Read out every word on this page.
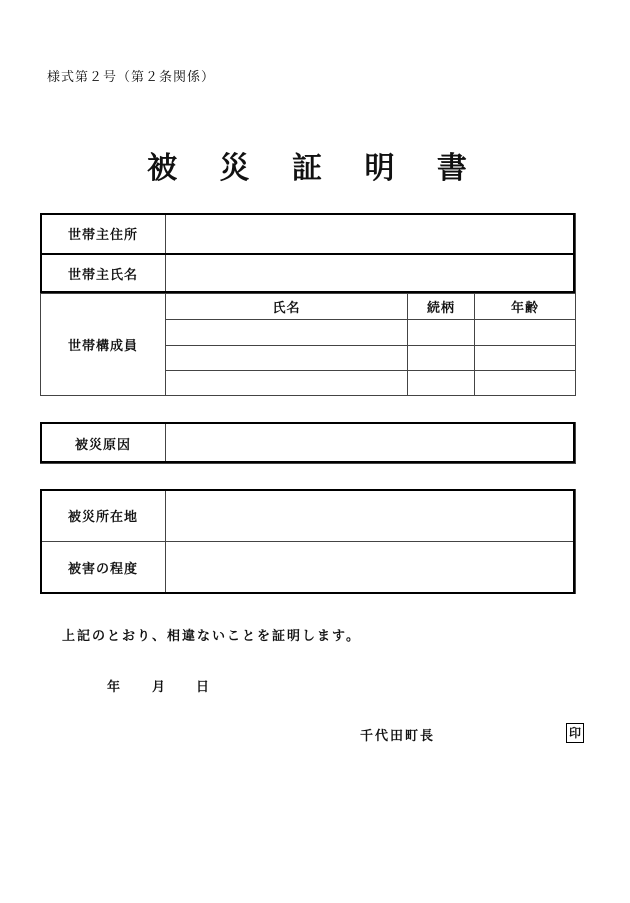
様式第２号（第２条関係）
被 災 証 明 書
世帯主住所			
世帯主氏名			
世帯構成員	氏名	続柄	年齢

被災原因	
被災所在地	
被害の程度	
上記のとおり、相違ないことを証明します。
年 月 日
千代田町長	印
